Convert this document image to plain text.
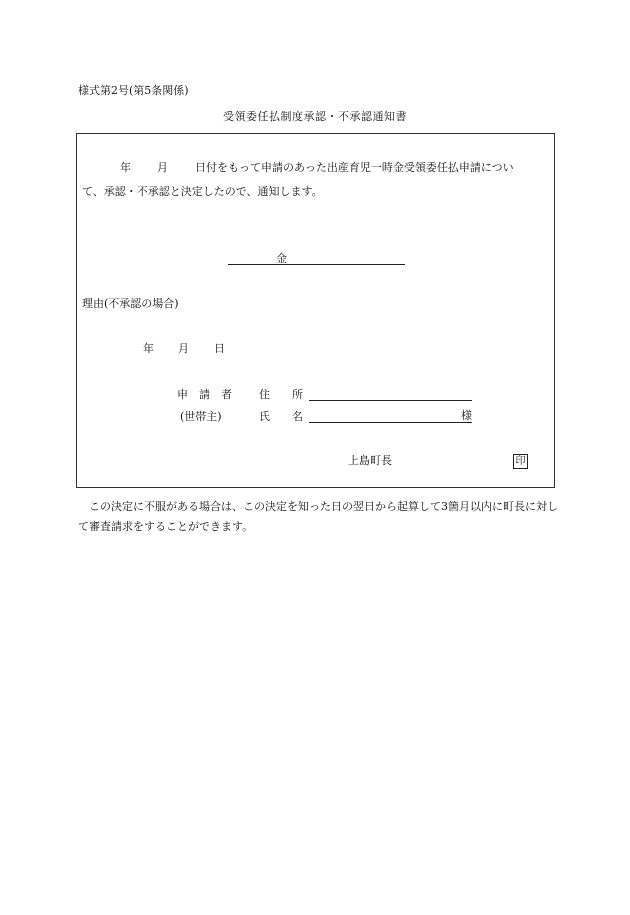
様式第2号(第5条関係)
受領委任払制度承認・不承認通知書
年 月 日付をもって申請のあった出産育児一時金受領委任払申請につい
て、承認・不承認と決定したので、通知します。
金
理由(不承認の場合)
年 月 日
申　請　者 住　　所
(世帯主)	氏　　名	様
上島町長	印
この決定に不服がある場合は、この決定を知った日の翌日から起算して3箇月以内に町長に対して審査請求をすることができます。
